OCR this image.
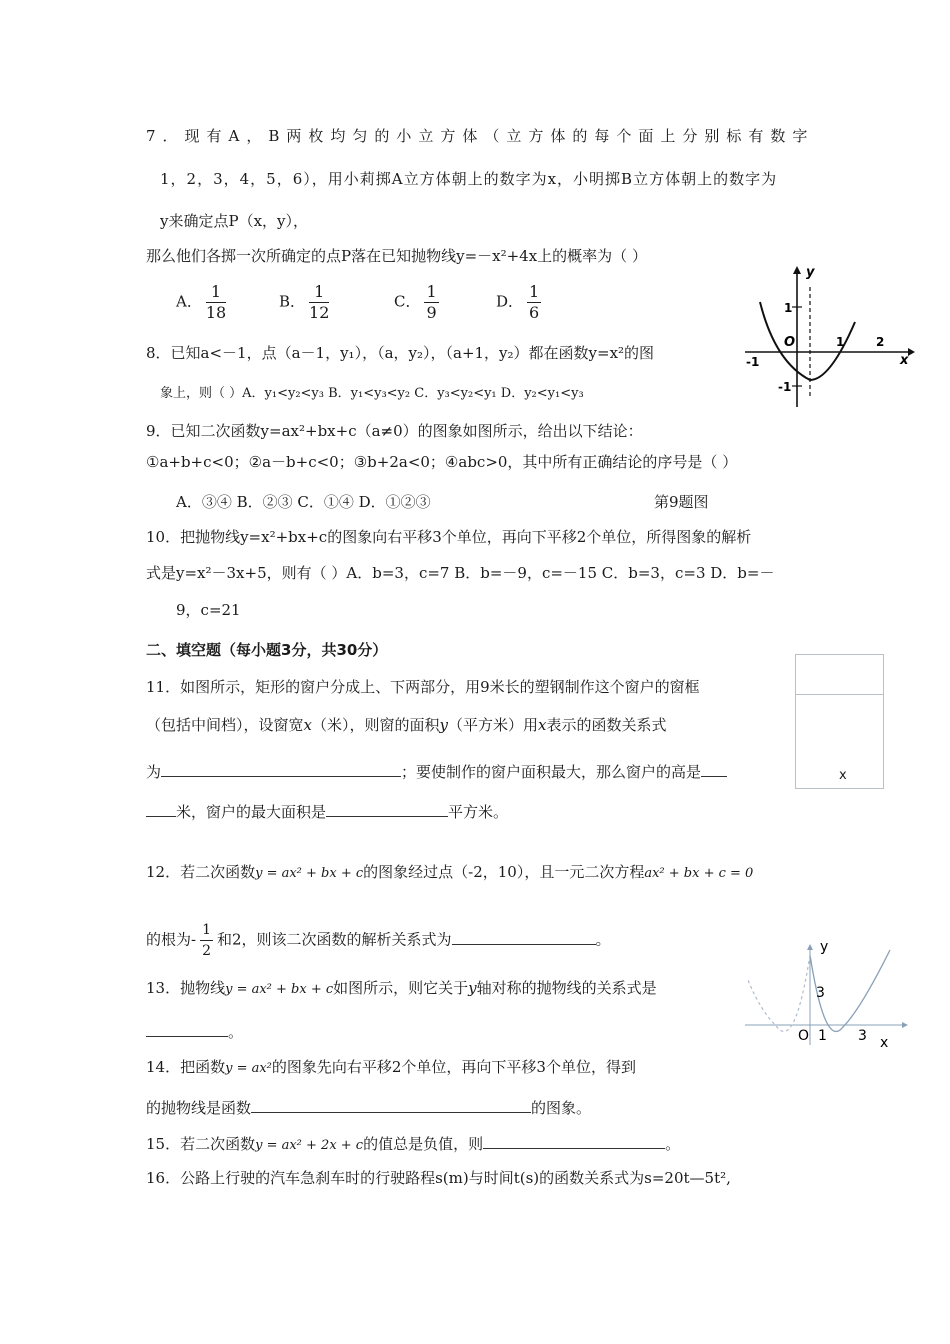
7．现有A，B两枚均匀的小立方体（立方体的每个面上分别标有数字
1，2，3，4，5，6），用小莉掷A立方体朝上的数字为x，小明掷B立方体朝上的数字为
y来确定点P（x，y），
那么他们各掷一次所确定的点P落在已知抛物线y=－x²+4x上的概率为（ ）
A． $\frac{1}{18}$	B． $\frac{1}{12}$	C． $\frac{1}{9}$	D． $\frac{1}{6}$
y
x
O
-1
1	2
1
-1
8．已知a<－1，点（a－1，y₁），（a，y₂），（a+1，y₂）都在函数y=x²的图
象上，则（ ）A．y₁<y₂<y₃ B．y₁<y₃<y₂ C．y₃<y₂<y₁ D．y₂<y₁<y₃
9．已知二次函数y=ax²+bx+c（a≠0）的图象如图所示，给出以下结论：
①a+b+c<0；②a－b+c<0；③b+2a<0；④abc>0，其中所有正确结论的序号是（ ）
A．③④ B．②③ C．①④ D．①②③	第9题图
10．把抛物线y=x²+bx+c的图象向右平移3个单位，再向下平移2个单位，所得图象的解析
式是y=x²－3x+5，则有（ ）A．b=3，c=7 B．b=－9，c=－15 C．b=3，c=3 D．b=－
9，c=21
二、填空题（每小题3分，共30分）
x
11．如图所示，矩形的窗户分成上、下两部分，用9米长的塑钢制作这个窗户的窗框
（包括中间档），设窗宽x（米），则窗的面积y（平方米）用x表示的函数关系式
为	；要使制作的窗户面积最大，那么窗户的高是
米，窗户的最大面积是	平方米。
12．若二次函数y = ax² + bx + c的图象经过点（-2，10），且一元二次方程ax² + bx + c = 0
的根为- $\frac{1}{2}$ 和2，则该二次函数的解析关系式为	。	y
x
O 1 3
3
13．抛物线y = ax² + bx + c如图所示，则它关于y轴对称的抛物线的关系式是
。
14．把函数y = ax²的图象先向右平移2个单位，再向下平移3个单位，得到
的抛物线是函数	的图象。
15．若二次函数y = ax² + 2x + c的值总是负值，则	。
16．公路上行驶的汽车急刹车时的行驶路程s(m)与时间t(s)的函数关系式为s=20t—5t²,
